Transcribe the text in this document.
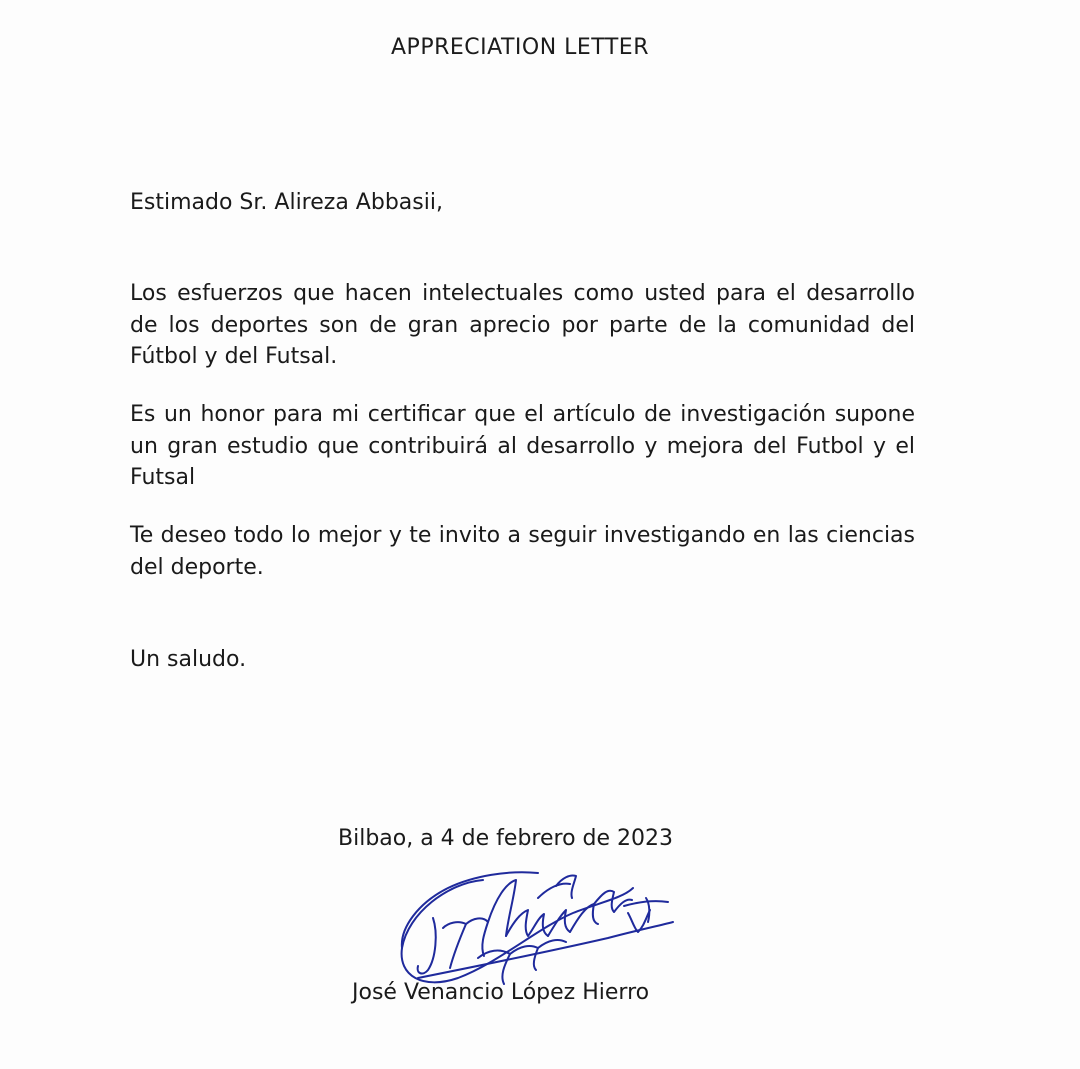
APPRECIATION LETTER
Estimado Sr. Alireza Abbasii,
Los esfuerzos que hacen intelectuales como usted para el desarrollo de los deportes son de gran aprecio por parte de la comunidad del Fútbol y del Futsal.
Es un honor para mi certificar que el artículo de investigación supone un gran estudio que contribuirá al desarrollo y mejora del Futbol y el Futsal
Te deseo todo lo mejor y te invito a seguir investigando en las ciencias del deporte.
Un saludo.
Bilbao, a 4 de febrero de 2023
José Venancio López Hierro
